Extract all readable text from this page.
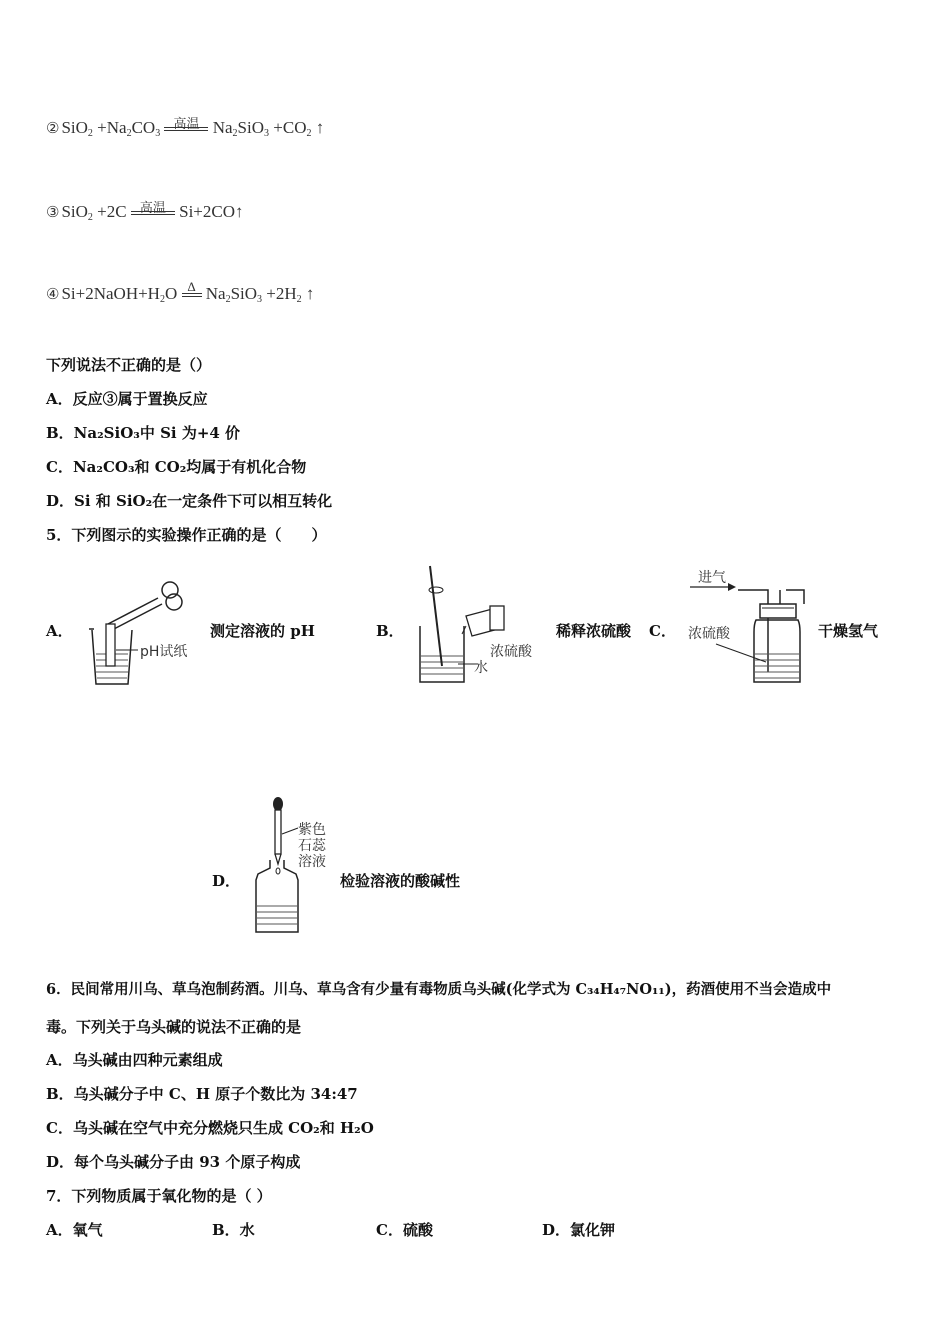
② $SiO_2 +Na_2CO_3$
高温 $Na_2SiO_3 +CO_2$ ↑
③ SiO$_2$ +2C 高温 Si+2CO↑
④ $Si+2NaOH+H_2O$ Δ $Na_2SiO_3 +2H_2$ ↑
下列说法不正确的是（）
A．反应③属于置换反应
B．Na₂SiO₃中 Si 为+4 价
C．Na₂CO₃和 CO₂均属于有机化合物
D．Si 和 SiO₂在一定条件下可以相互转化
5．下列图示的实验操作正确的是（　　）
A．
pH试纸
测定溶液的 pH	B．
浓硫酸
水
稀释浓硫酸 C．
进气
浓硫酸	干燥氢气
D．
紫色
石蕊
溶液
检验溶液的酸碱性
6．民间常用川乌、草乌泡制药酒。川乌、草乌含有少量有毒物质乌头碱(化学式为 C₃₄H₄₇NO₁₁)，药酒使用不当会造成中
毒。下列关于乌头碱的说法不正确的是
A．乌头碱由四种元素组成
B．乌头碱分子中 C、H 原子个数比为 34:47
C．乌头碱在空气中充分燃烧只生成 CO₂和 H₂O
D．每个乌头碱分子由 93 个原子构成
7．下列物质属于氧化物的是（ ）
A．氧气	B．水	C．硫酸	D．氯化钾
